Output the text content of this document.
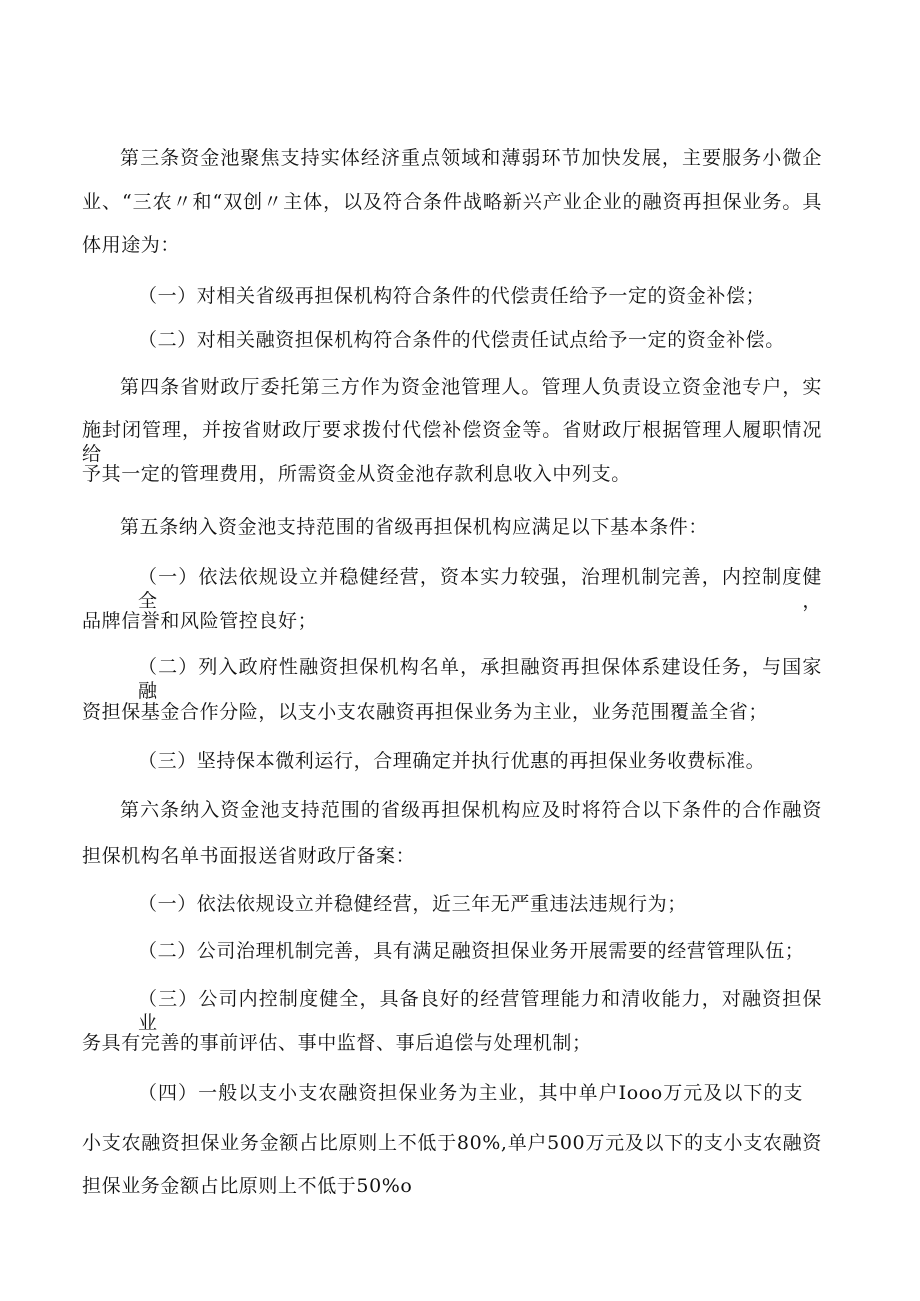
第三条资金池聚焦支持实体经济重点领域和薄弱环节加快发展，主要服务小微企
业、“三农〃和“双创〃主体，以及符合条件战略新兴产业企业的融资再担保业务。具
体用途为：
（一）对相关省级再担保机构符合条件的代偿责任给予一定的资金补偿；
（二）对相关融资担保机构符合条件的代偿责任试点给予一定的资金补偿。
第四条省财政厅委托第三方作为资金池管理人。管理人负责设立资金池专户，实
施封闭管理，并按省财政厅要求拨付代偿补偿资金等。省财政厅根据管理人履职情况给
予其一定的管理费用，所需资金从资金池存款利息收入中列支。
第五条纳入资金池支持范围的省级再担保机构应满足以下基本条件：
（一）依法依规设立并稳健经营，资本实力较强，治理机制完善，内控制度健全，
品牌信誉和风险管控良好；
（二）列入政府性融资担保机构名单，承担融资再担保体系建设任务，与国家融
资担保基金合作分险，以支小支农融资再担保业务为主业，业务范围覆盖全省；
（三）坚持保本微利运行，合理确定并执行优惠的再担保业务收费标准。
第六条纳入资金池支持范围的省级再担保机构应及时将符合以下条件的合作融资
担保机构名单书面报送省财政厅备案：
（一）依法依规设立并稳健经营，近三年无严重违法违规行为；
（二）公司治理机制完善，具有满足融资担保业务开展需要的经营管理队伍；
（三）公司内控制度健全，具备良好的经营管理能力和清收能力，对融资担保业
务具有完善的事前评估、事中监督、事后追偿与处理机制；
（四）一般以支小支农融资担保业务为主业，其中单户Iooo万元及以下的支
小支农融资担保业务金额占比原则上不低于80%,单户500万元及以下的支小支农融资
担保业务金额占比原则上不低于50%o
